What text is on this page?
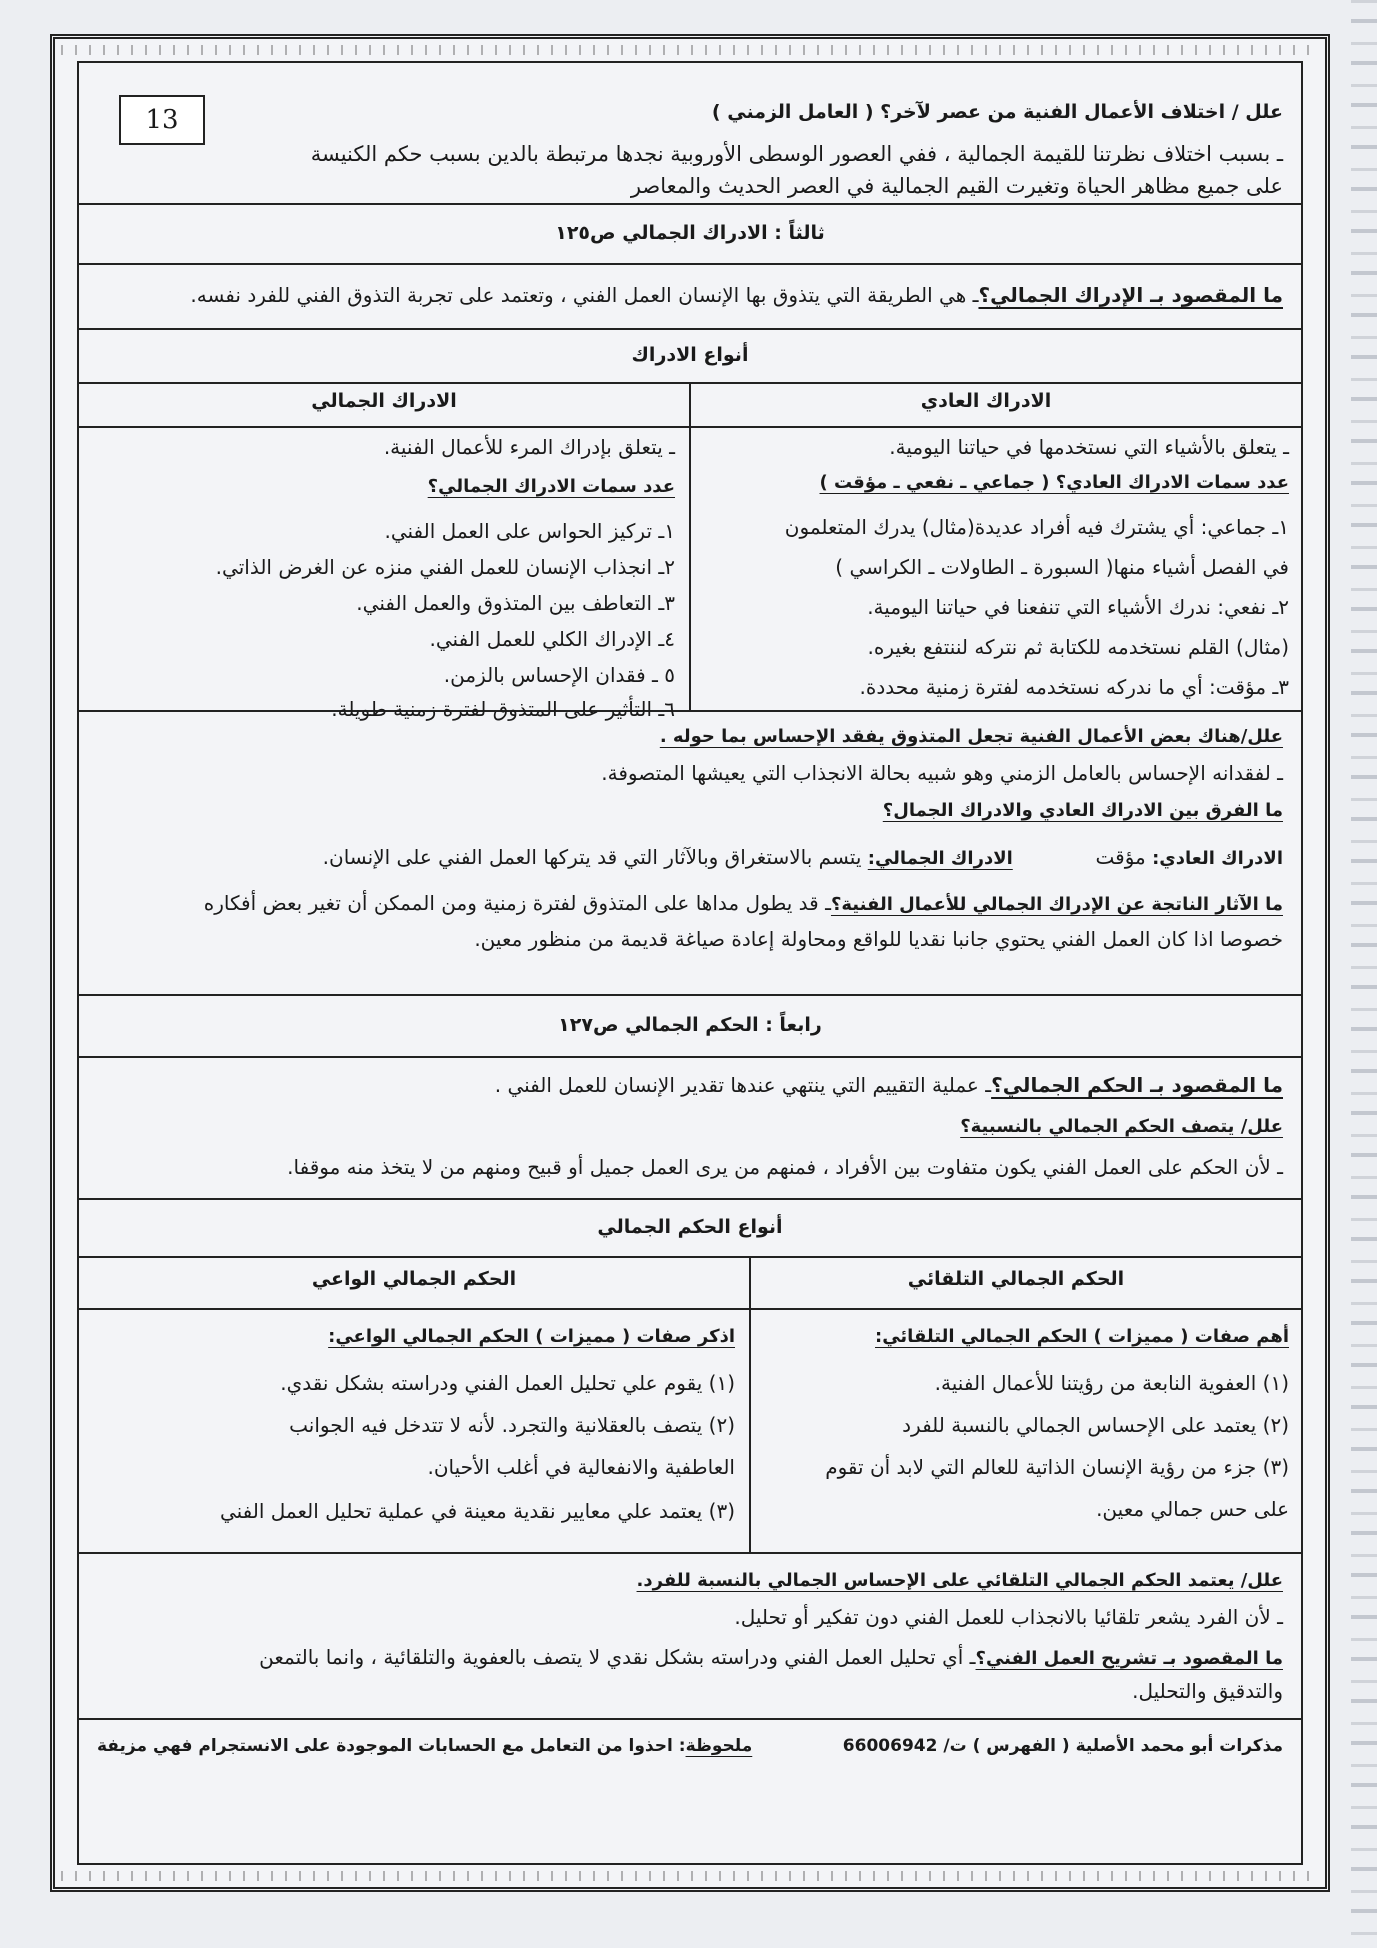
13	علل / اختلاف الأعمال الفنية من عصر لآخر؟ ( العامل الزمني )
ـ بسبب اختلاف نظرتنا للقيمة الجمالية ، ففي العصور الوسطى الأوروبية نجدها مرتبطة بالدين بسبب حكم الكنيسة
على جميع مظاهر الحياة وتغيرت القيم الجمالية في العصر الحديث والمعاصر
ثالثاً : الادراك الجمالي ص١٢٥
ما المقصود بـ الإدراك الجمالي؟ـ هي الطريقة التي يتذوق بها الإنسان العمل الفني ، وتعتمد على تجربة التذوق الفني للفرد نفسه.
أنواع الادراك
الادراك العادي
الادراك الجمالي
ـ يتعلق بالأشياء التي نستخدمها في حياتنا اليومية.
عدد سمات الادراك العادي؟ ( جماعي ـ نفعي ـ مؤقت )
١ـ جماعي: أي يشترك فيه أفراد عديدة(مثال) يدرك المتعلمون
في الفصل أشياء منها( السبورة ـ الطاولات ـ الكراسي )
٢ـ نفعي: ندرك الأشياء التي تنفعنا في حياتنا اليومية.
(مثال) القلم نستخدمه للكتابة ثم نتركه لننتفع بغيره.
٣ـ مؤقت: أي ما ندركه نستخدمه لفترة زمنية محددة.
ـ يتعلق بإدراك المرء للأعمال الفنية.
عدد سمات الادراك الجمالي؟
١ـ تركيز الحواس على العمل الفني.
٢ـ انجذاب الإنسان للعمل الفني منزه عن الغرض الذاتي.
٣ـ التعاطف بين المتذوق والعمل الفني.
٤ـ الإدراك الكلي للعمل الفني.
٥ ـ فقدان الإحساس بالزمن.
٦ـ التأثير على المتذوق لفترة زمنية طويلة.
علل/هناك بعض الأعمال الفنية تجعل المتذوق يفقد الإحساس بما حوله .
ـ لفقدانه الإحساس بالعامل الزمني وهو شبيه بحالة الانجذاب التي يعيشها المتصوفة.
ما الفرق بين الادراك العادي والادراك الجمال؟
الادراك العادي: مؤقت  الادراك الجمالي: يتسم بالاستغراق وبالآثار التي قد يتركها العمل الفني على الإنسان.
ما الآثار الناتجة عن الإدراك الجمالي للأعمال الفنية؟ـ قد يطول مداها على المتذوق لفترة زمنية ومن الممكن أن تغير بعض أفكاره
خصوصا اذا كان العمل الفني يحتوي جانبا نقديا للواقع ومحاولة إعادة صياغة قديمة من منظور معين.
رابعاً : الحكم الجمالي ص١٢٧
ما المقصود بـ الحكم الجمالي؟ـ عملية التقييم التي ينتهي عندها تقدير الإنسان للعمل الفني .
علل/ يتصف الحكم الجمالي بالنسبية؟
ـ لأن الحكم على العمل الفني يكون متفاوت بين الأفراد ، فمنهم من يرى العمل جميل أو قبيح ومنهم من لا يتخذ منه موقفا.
أنواع الحكم الجمالي
الحكم الجمالي التلقائي
الحكم الجمالي الواعي
أهم صفات ( مميزات ) الحكم الجمالي التلقائي:
(١) العفوية النابعة من رؤيتنا للأعمال الفنية.
(٢) يعتمد على الإحساس الجمالي بالنسبة للفرد
(٣) جزء من رؤية الإنسان الذاتية للعالم التي لابد أن تقوم
على حس جمالي معين.
اذكر صفات ( مميزات ) الحكم الجمالي الواعي:
(١) يقوم علي تحليل العمل الفني ودراسته بشكل نقدي.
(٢) يتصف بالعقلانية والتجرد. لأنه لا تتدخل فيه الجوانب
العاطفية والانفعالية في أغلب الأحيان.
(٣) يعتمد علي معايير نقدية معينة في عملية تحليل العمل الفني
علل/ يعتمد الحكم الجمالي التلقائي على الإحساس الجمالي بالنسبة للفرد.
ـ لأن الفرد يشعر تلقائيا بالانجذاب للعمل الفني دون تفكير أو تحليل.
ما المقصود بـ تشريح العمل الفني؟ـ أي تحليل العمل الفني ودراسته بشكل نقدي لا يتصف بالعفوية والتلقائية ، وانما بالتمعن
والتدقيق والتحليل.
مذكرات أبو محمد الأصلية ( الفهرس ) ت/ 66006942
ملحوظة: احذوا من التعامل مع الحسابات الموجودة على الانستجرام فهي مزيفة
